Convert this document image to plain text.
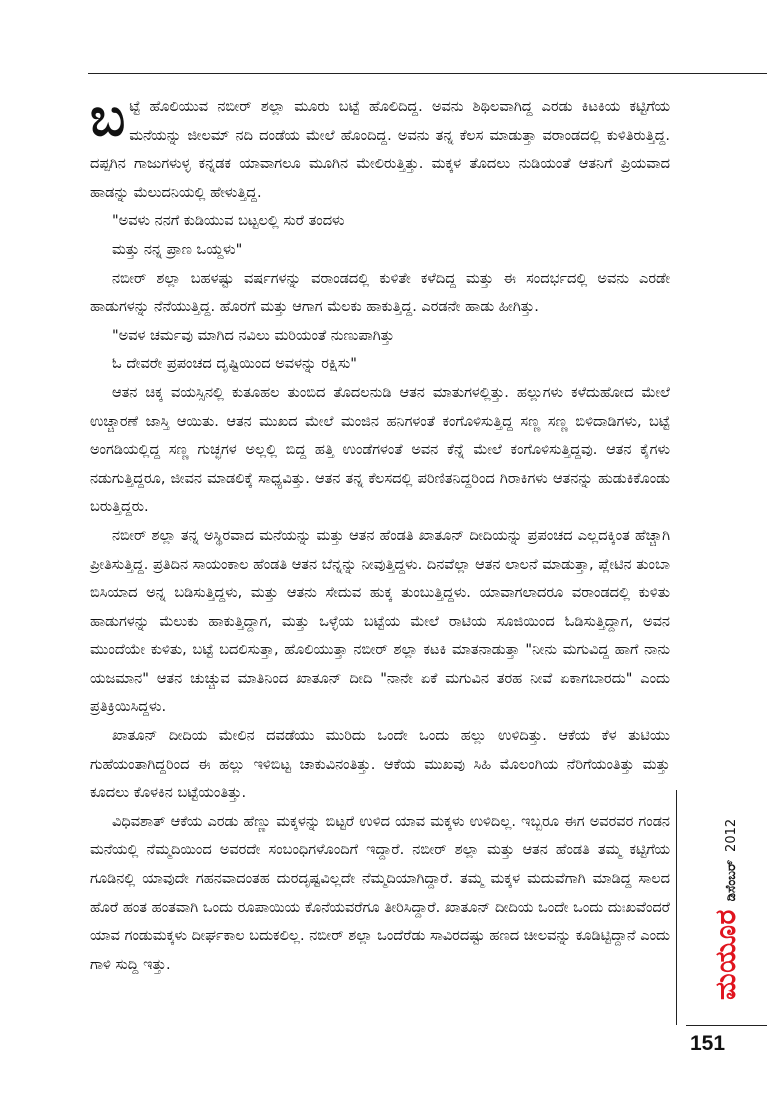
ಬಟ್ಟೆ ಹೊಲಿಯುವ ನಬೀರ್ ಶಲ್ಲಾ ಮೂರು ಬಟ್ಟೆ ಹೊಲಿದಿದ್ದ. ಅವನು ಶಿಥಿಲವಾಗಿದ್ದ ಎರಡು ಕಿಟಕಿಯ ಕಟ್ಟಿಗೆಯ ಮನೆಯನ್ನು ಜೀಲಮ್ ನದಿ ದಂಡೆಯ ಮೇಲೆ ಹೊಂದಿದ್ದ. ಅವನು ತನ್ನ ಕೆಲಸ ಮಾಡುತ್ತಾ ವರಾಂಡದಲ್ಲಿ ಕುಳಿತಿರುತ್ತಿದ್ದ. ದಪ್ಪಗಿನ ಗಾಜುಗಳುಳ್ಳ ಕನ್ನಡಕ ಯಾವಾಗಲೂ ಮೂಗಿನ ಮೇಲಿರುತ್ತಿತ್ತು. ಮಕ್ಕಳ ತೊದಲು ನುಡಿಯಂತೆ ಆತನಿಗೆ ಪ್ರಿಯವಾದ ಹಾಡನ್ನು ಮೆಲುದನಿಯಲ್ಲಿ ಹೇಳುತ್ತಿದ್ದ.

"ಅವಳು ನನಗೆ ಕುಡಿಯುವ ಬಟ್ಟಲಲ್ಲಿ ಸುರೆ ತಂದಳು

ಮತ್ತು ನನ್ನ ಪ್ರಾಣ ಒಯ್ದಳು"

ನಬೀರ್ ಶಲ್ಲಾ ಬಹಳಷ್ಟು ವರ್ಷಗಳನ್ನು ವರಾಂಡದಲ್ಲಿ ಕುಳಿತೇ ಕಳೆದಿದ್ದ ಮತ್ತು ಈ ಸಂದರ್ಭದಲ್ಲಿ ಅವನು ಎರಡೇ ಹಾಡುಗಳನ್ನು ನೆನೆಯುತ್ತಿದ್ದ. ಹೊರಗೆ ಮತ್ತು ಆಗಾಗ ಮೆಲಕು ಹಾಕುತ್ತಿದ್ದ. ಎರಡನೇ ಹಾಡು ಹೀಗಿತ್ತು.

"ಅವಳ ಚರ್ಮವು ಮಾಗಿದ ನವಿಲು ಮರಿಯಂತೆ ನುಣುಪಾಗಿತ್ತು

ಓ ದೇವರೇ ಪ್ರಪಂಚದ ದೃಷ್ಟಿಯಿಂದ ಅವಳನ್ನು ರಕ್ಷಿಸು"

ಆತನ ಚಿಕ್ಕ ವಯಸ್ಸಿನಲ್ಲಿ ಕುತೂಹಲ ತುಂಬಿದ ತೊದಲನುಡಿ ಆತನ ಮಾತುಗಳಲ್ಲಿತ್ತು. ಹಲ್ಲುಗಳು ಕಳೆದುಹೋದ ಮೇಲೆ ಉಚ್ಚಾರಣೆ ಜಾಸ್ತಿ ಆಯಿತು. ಆತನ ಮುಖದ ಮೇಲೆ ಮಂಜಿನ ಹನಿಗಳಂತೆ ಕಂಗೊಳಿಸುತ್ತಿದ್ದ ಸಣ್ಣ ಸಣ್ಣ ಬಿಳಿದಾಡಿಗಳು, ಬಟ್ಟೆ ಅಂಗಡಿಯಲ್ಲಿದ್ದ ಸಣ್ಣ ಗುಚ್ಛಗಳ ಅಲ್ಲಲ್ಲಿ ಬಿದ್ದ ಹತ್ತಿ ಉಂಡೆಗಳಂತೆ ಅವನ ಕೆನ್ನೆ ಮೇಲೆ ಕಂಗೊಳಿಸುತ್ತಿದ್ದವು. ಆತನ ಕೈಗಳು ನಡುಗುತ್ತಿದ್ದರೂ, ಜೀವನ ಮಾಡಲಿಕ್ಕೆ ಸಾಧ್ಯವಿತ್ತು. ಆತನ ತನ್ನ ಕೆಲಸದಲ್ಲಿ ಪರಿಣಿತನಿದ್ದರಿಂದ ಗಿರಾಕಿಗಳು ಆತನನ್ನು ಹುಡುಕಿಕೊಂಡು ಬರುತ್ತಿದ್ದರು.

ನಬೀರ್ ಶಲ್ಲಾ ತನ್ನ ಅಸ್ಥಿರವಾದ ಮನೆಯನ್ನು ಮತ್ತು ಆತನ ಹೆಂಡತಿ ಖಾತೂನ್ ದೀದಿಯನ್ನು ಪ್ರಪಂಚದ ಎಲ್ಲದಕ್ಕಿಂತ ಹೆಚ್ಚಾಗಿ ಪ್ರೀತಿಸುತ್ತಿದ್ದ. ಪ್ರತಿದಿನ ಸಾಯಂಕಾಲ ಹೆಂಡತಿ ಆತನ ಬೆನ್ನನ್ನು ನೀವುತ್ತಿದ್ದಳು. ದಿನವೆಲ್ಲಾ ಆತನ ಲಾಲನೆ ಮಾಡುತ್ತಾ, ಪ್ಲೇಟಿನ ತುಂಬಾ ಬಿಸಿಯಾದ ಅನ್ನ ಬಡಿಸುತ್ತಿದ್ದಳು, ಮತ್ತು ಆತನು ಸೇದುವ ಹುಕ್ಕ ತುಂಬುತ್ತಿದ್ದಳು. ಯಾವಾಗಲಾದರೂ ವರಾಂಡದಲ್ಲಿ ಕುಳಿತು ಹಾಡುಗಳನ್ನು ಮೆಲುಕು ಹಾಕುತ್ತಿದ್ದಾಗ, ಮತ್ತು ಒಳ್ಳೆಯ ಬಟ್ಟೆಯ ಮೇಲೆ ರಾಟಿಯ ಸೂಜಿಯಿಂದ ಓಡಿಸುತ್ತಿದ್ದಾಗ, ಅವನ ಮುಂದೆಯೇ ಕುಳಿತು, ಬಟ್ಟೆ ಬದಲಿಸುತ್ತಾ, ಹೊಲಿಯುತ್ತಾ ನಬೀರ್ ಶಲ್ಲಾ ಕಟಕಿ ಮಾತನಾಡುತ್ತಾ "ನೀನು ಮಗುವಿದ್ದ ಹಾಗೆ ನಾನು ಯಜಮಾನ" ಆತನ ಚುಚ್ಚುವ ಮಾತಿನಿಂದ ಖಾತೂನ್ ದೀದಿ "ನಾನೇ ಏಕೆ ಮಗುವಿನ ತರಹ ನೀವೆ ಏಕಾಗಬಾರದು" ಎಂದು ಪ್ರತಿಕ್ರಿಯಿಸಿದ್ದಳು.

ಖಾತೂನ್ ದೀದಿಯ ಮೇಲಿನ ದವಡೆಯು ಮುರಿದು ಒಂದೇ ಒಂದು ಹಲ್ಲು ಉಳಿದಿತ್ತು. ಆಕೆಯ ಕೆಳ ತುಟಿಯು ಗುಹೆಯಂತಾಗಿದ್ದರಿಂದ ಈ ಹಲ್ಲು ಇಳಿಬಿಟ್ಟ ಚಾಕುವಿನಂತಿತ್ತು. ಆಕೆಯ ಮುಖವು ಸಿಹಿ ಮೊಲಂಗಿಯ ನೆರಿಗೆಯಂತಿತ್ತು ಮತ್ತು ಕೂದಲು ಕೊಳಕಿನ ಬಟ್ಟೆಯಂತಿತ್ತು.

ವಿಧಿವಶಾತ್ ಆಕೆಯ ಎರಡು ಹೆಣ್ಣು ಮಕ್ಕಳನ್ನು ಬಿಟ್ಟರೆ ಉಳಿದ ಯಾವ ಮಕ್ಕಳು ಉಳಿದಿಲ್ಲ. ಇಬ್ಬರೂ ಈಗ ಅವರವರ ಗಂಡನ ಮನೆಯಲ್ಲಿ ನೆಮ್ಮದಿಯಿಂದ ಅವರದೇ ಸಂಬಂಧಿಗಳೊಂದಿಗೆ ಇದ್ದಾರೆ. ನಬೀರ್ ಶಲ್ಲಾ ಮತ್ತು ಆತನ ಹೆಂಡತಿ ತಮ್ಮ ಕಟ್ಟಿಗೆಯ ಗೂಡಿನಲ್ಲಿ ಯಾವುದೇ ಗಹನವಾದಂತಹ ದುರದೃಷ್ಟವಿಲ್ಲದೇ ನೆಮ್ಮದಿಯಾಗಿದ್ದಾರೆ. ತಮ್ಮ ಮಕ್ಕಳ ಮದುವೆಗಾಗಿ ಮಾಡಿದ್ದ ಸಾಲದ ಹೊರೆ ಹಂತ ಹಂತವಾಗಿ ಒಂದು ರೂಪಾಯಿಯ ಕೊನೆಯವರೆಗೂ ತೀರಿಸಿದ್ದಾರೆ. ಖಾತೂನ್ ದೀದಿಯ ಒಂದೇ ಒಂದು ದುಃಖವೆಂದರೆ ಯಾವ ಗಂಡುಮಕ್ಕಳು ದೀರ್ಘಕಾಲ ಬದುಕಲಿಲ್ಲ. ನಬೀರ್ ಶಲ್ಲಾ ಒಂದೆರೆಡು ಸಾವಿರದಷ್ಟು ಹಣದ ಚೀಲವನ್ನು ಕೂಡಿಟ್ಟಿದ್ದಾನೆ ಎಂದು ಗಾಳಿ ಸುದ್ದಿ ಇತ್ತು.	ಮಯೂರ
ಡಿಸೆಂಬರ್
2012
151
